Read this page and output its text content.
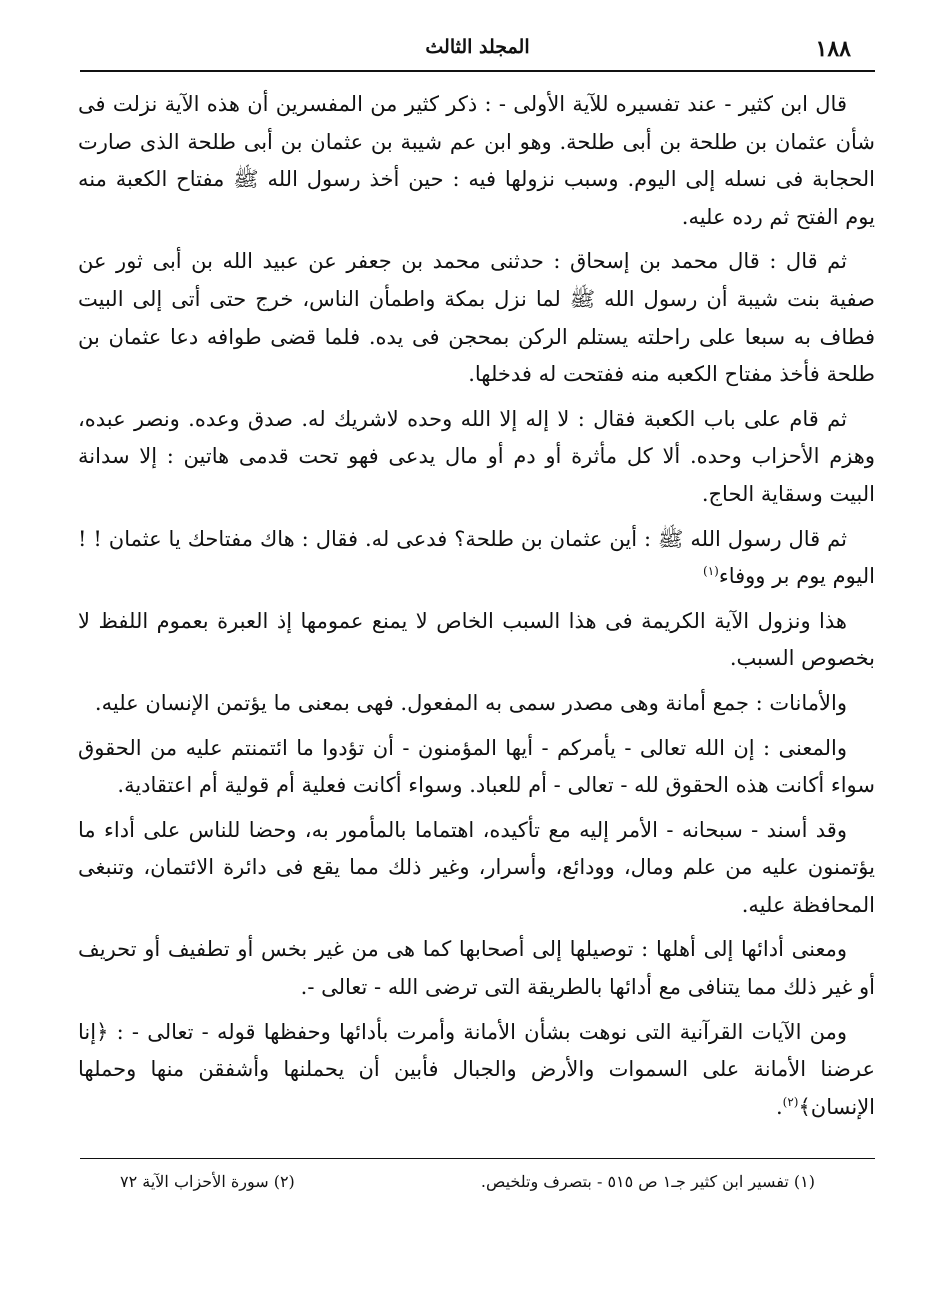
١٨٨
المجلد الثالث

قال ابن كثير - عند تفسيره للآية الأولى - : ذكر كثير من المفسرين أن هذه الآية نزلت فى شأن عثمان بن طلحة بن أبى طلحة. وهو ابن عم شيبة بن عثمان بن أبى طلحة الذى صارت الحجابة فى نسله إلى اليوم. وسبب نزولها فيه : حين أخذ رسول الله ﷺ مفتاح الكعبة منه يوم الفتح ثم رده عليه.

ثم قال : قال محمد بن إسحاق : حدثنى محمد بن جعفر عن عبيد الله بن أبى ثور عن صفية بنت شيبة أن رسول الله ﷺ لما نزل بمكة واطمأن الناس، خرج حتى أتى إلى البيت فطاف به سبعا على راحلته يستلم الركن بمحجن فى يده. فلما قضى طوافه دعا عثمان بن طلحة فأخذ مفتاح الكعبه منه ففتحت له فدخلها.

ثم قام على باب الكعبة فقال : لا إله إلا الله وحده لاشريك له. صدق وعده. ونصر عبده، وهزم الأحزاب وحده. ألا كل مأثرة أو دم أو مال يدعى فهو تحت قدمى هاتين : إلا سدانة البيت وسقاية الحاج.

ثم قال رسول الله ﷺ : أين عثمان بن طلحة؟ فدعى له. فقال : هاك مفتاحك يا عثمان ! ! اليوم يوم بر ووفاء$^{(١)}$

هذا ونزول الآية الكريمة فى هذا السبب الخاص لا يمنع عمومها إذ العبرة بعموم اللفظ لا بخصوص السبب.

والأمانات : جمع أمانة وهى مصدر سمى به المفعول. فهى بمعنى ما يؤتمن الإنسان عليه.

والمعنى : إن الله تعالى - يأمركم - أيها المؤمنون - أن تؤدوا ما ائتمنتم عليه من الحقوق سواء أكانت هذه الحقوق لله - تعالى - أم للعباد. وسواء أكانت فعلية أم قولية أم اعتقادية.

وقد أسند - سبحانه - الأمر إليه مع تأكيده، اهتماما بالمأمور به، وحضا للناس على أداء ما يؤتمنون عليه من علم ومال، وودائع، وأسرار، وغير ذلك مما يقع فى دائرة الائتمان، وتنبغى المحافظة عليه.

ومعنى أدائها إلى أهلها : توصيلها إلى أصحابها كما هى من غير بخس أو تطفيف أو تحريف أو غير ذلك مما يتنافى مع أدائها بالطريقة التى ترضى الله - تعالى -.

ومن الآيات القرآنية التى نوهت بشأن الأمانة وأمرت بأدائها وحفظها قوله - تعالى - : ﴿إنا عرضنا الأمانة على السموات والأرض والجبال فأبين أن يحملنها وأشفقن منها وحملها الإنسان﴾$^{(٢)}$.

(١) تفسير ابن كثير جـ١ ص ٥١٥ - بتصرف وتلخيص.
(٢) سورة الأحزاب الآية ٧٢
